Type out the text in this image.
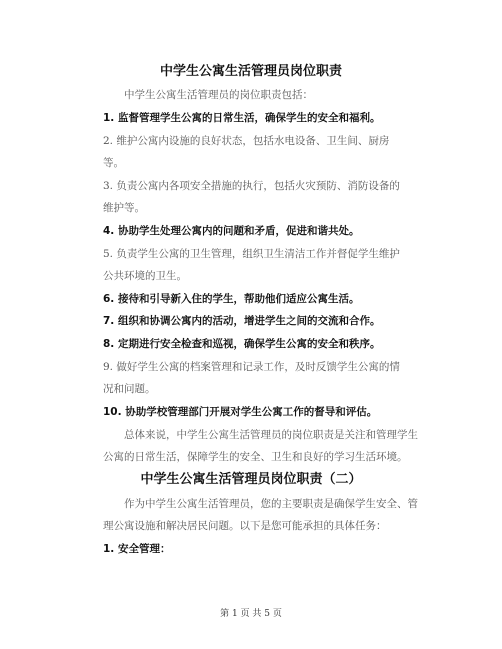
中学生公寓生活管理员岗位职责
中学生公寓生活管理员的岗位职责包括：
1. 监督管理学生公寓的日常生活，确保学生的安全和福利。
2. 维护公寓内设施的良好状态，包括水电设备、卫生间、厨房
等。
3. 负责公寓内各项安全措施的执行，包括火灾预防、消防设备的
维护等。
4. 协助学生处理公寓内的问题和矛盾，促进和谐共处。
5. 负责学生公寓的卫生管理，组织卫生清洁工作并督促学生维护
公共环境的卫生。
6. 接待和引导新入住的学生，帮助他们适应公寓生活。
7. 组织和协调公寓内的活动，增进学生之间的交流和合作。
8. 定期进行安全检查和巡视，确保学生公寓的安全和秩序。
9. 做好学生公寓的档案管理和记录工作，及时反馈学生公寓的情
况和问题。
10. 协助学校管理部门开展对学生公寓工作的督导和评估。
总体来说，中学生公寓生活管理员的岗位职责是关注和管理学生
公寓的日常生活，保障学生的安全、卫生和良好的学习生活环境。
中学生公寓生活管理员岗位职责（二）
作为中学生公寓生活管理员，您的主要职责是确保学生安全、管
理公寓设施和解决居民问题。以下是您可能承担的具体任务：
1. 安全管理：
第 1 页 共 5 页
